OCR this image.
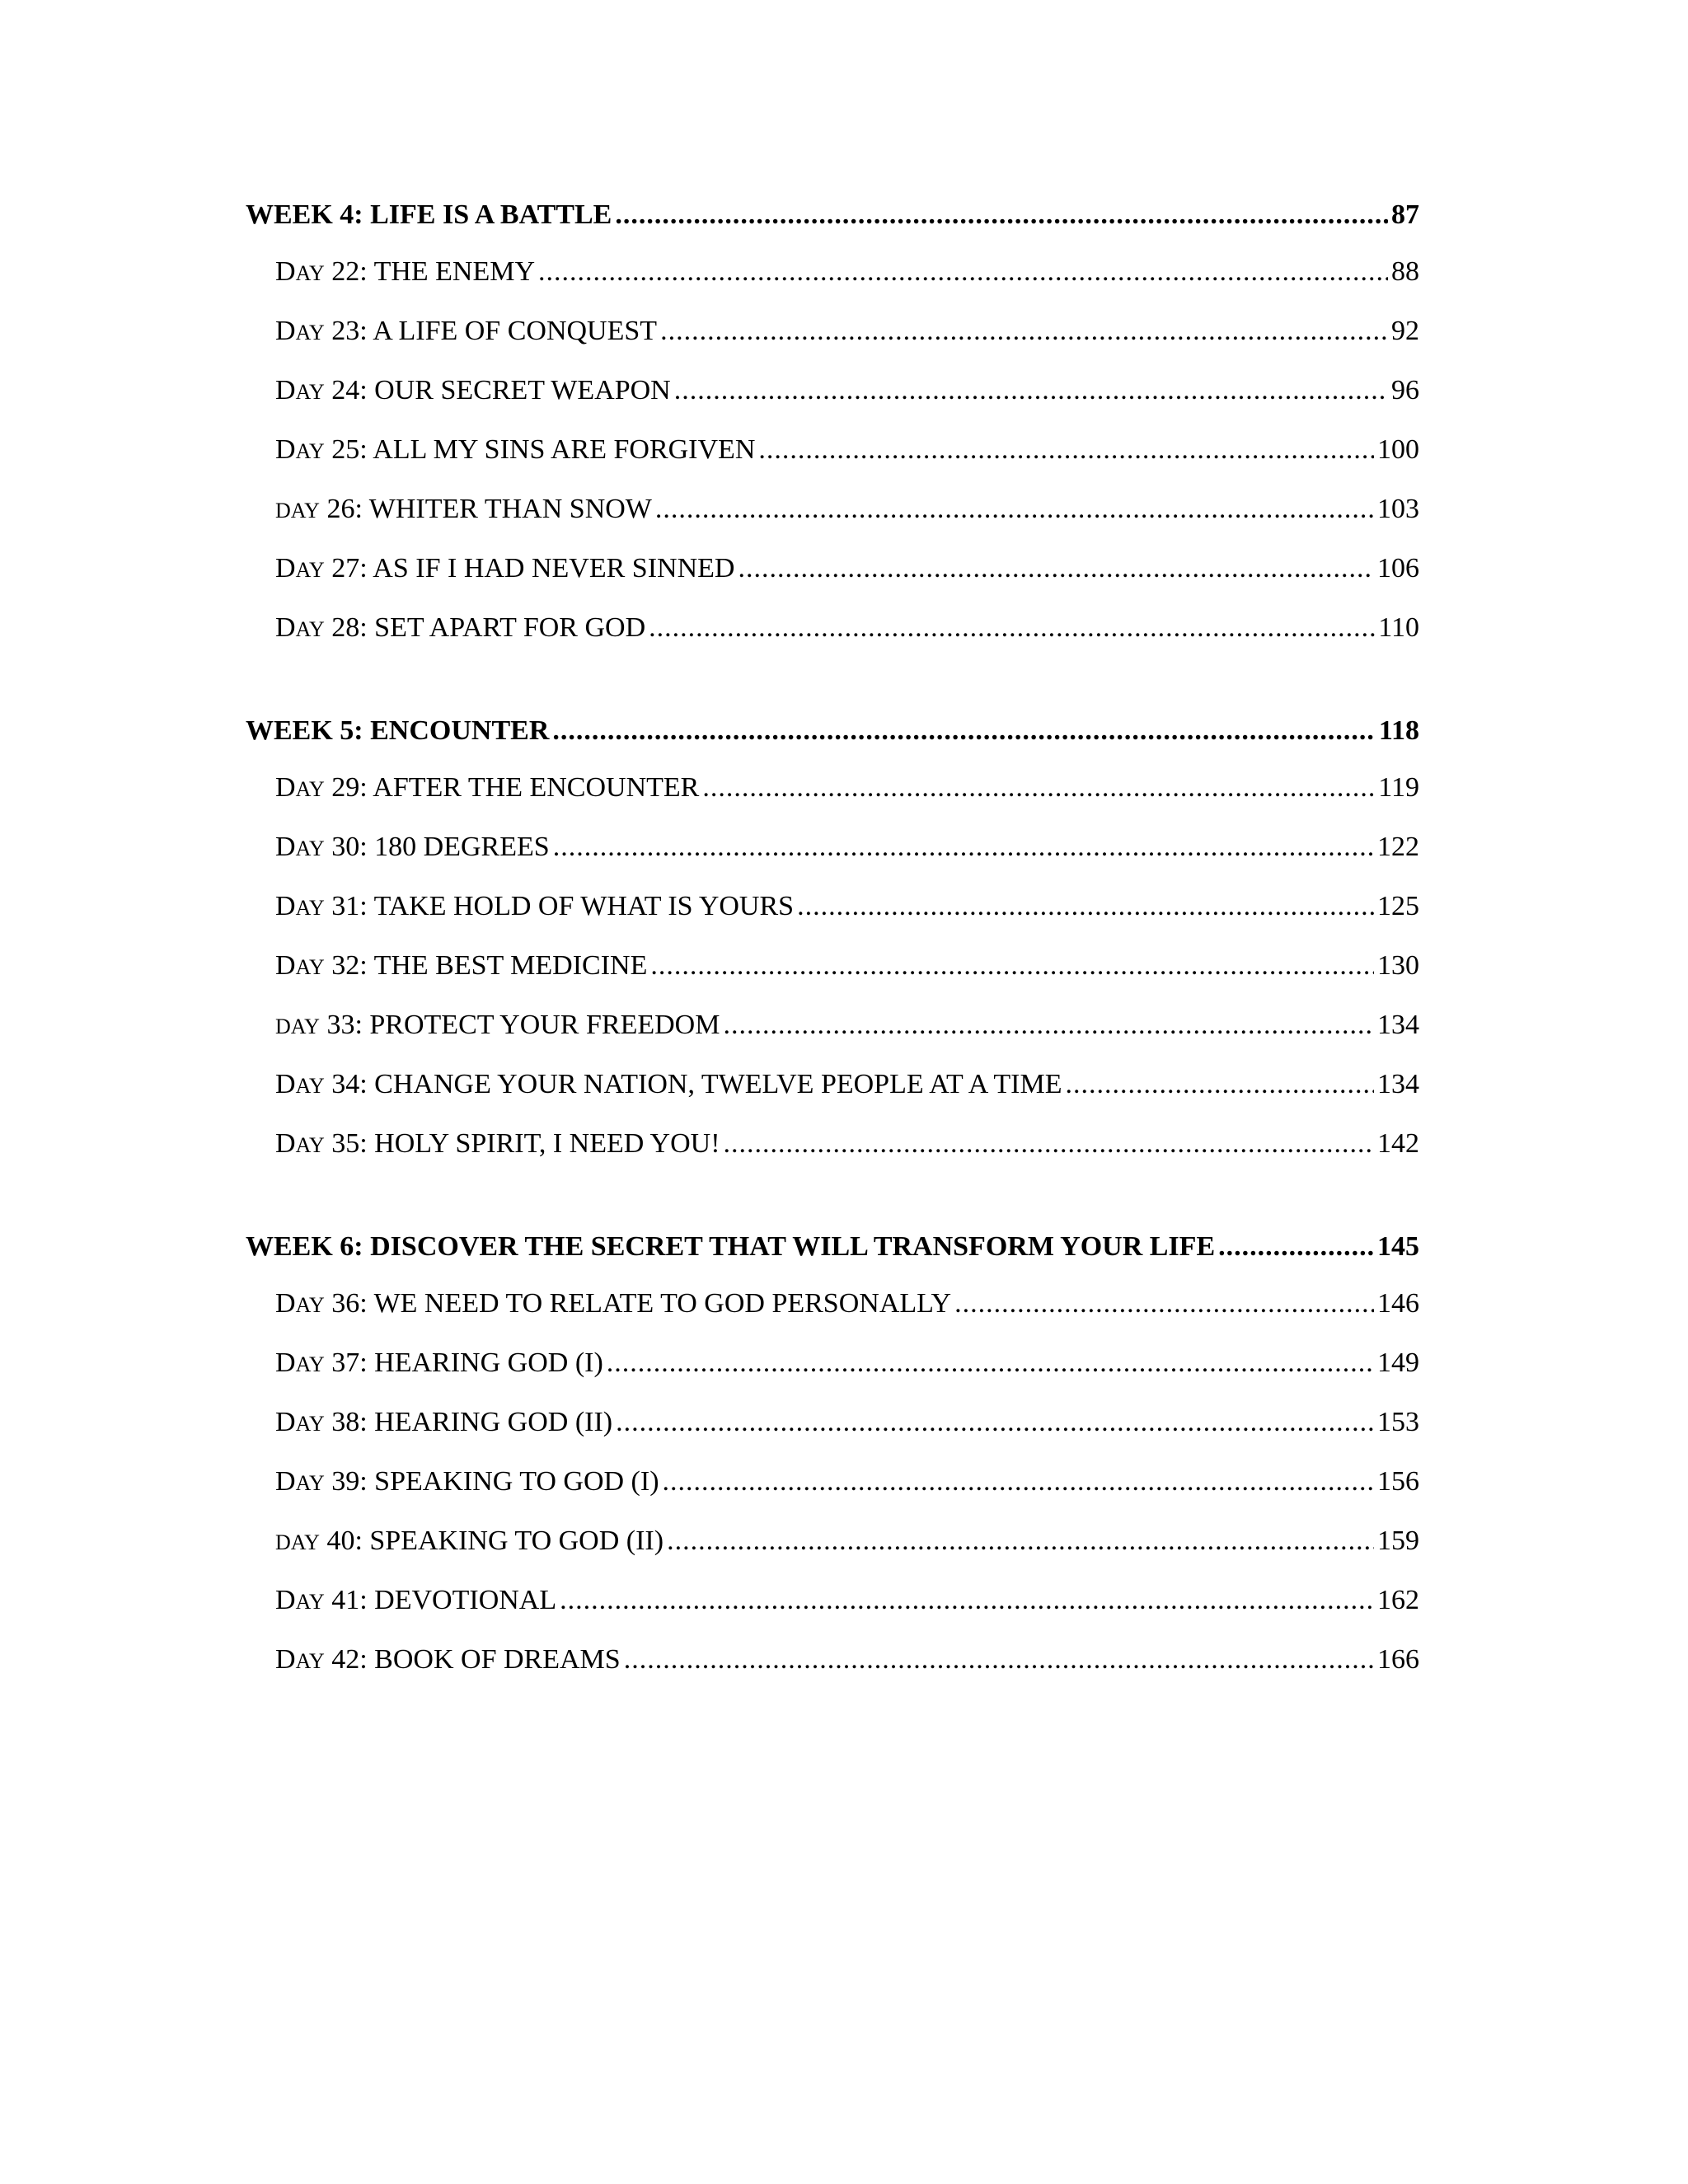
WEEK 4: LIFE IS A BATTLE .....	87
DAY 22: THE ENEMY .....	88
DAY 23: A LIFE OF CONQUEST .....	92
DAY 24: OUR SECRET WEAPON .....	96
DAY 25: ALL MY SINS ARE FORGIVEN .....	100
DAY 26: WHITER THAN SNOW .....	103
DAY 27: AS IF I HAD NEVER SINNED .....	106
DAY 28: SET APART FOR GOD .....	110
WEEK 5: ENCOUNTER .....	118
DAY 29: AFTER THE ENCOUNTER .....	119
DAY 30: 180 DEGREES .....	122
DAY 31: TAKE HOLD OF WHAT IS YOURS .....	125
DAY 32: THE BEST MEDICINE .....	130
DAY 33: PROTECT YOUR FREEDOM .....	134
DAY 34: CHANGE YOUR NATION, TWELVE PEOPLE AT A TIME .....	134
DAY 35: HOLY SPIRIT, I NEED YOU! .....	142
WEEK 6: DISCOVER THE SECRET THAT WILL TRANSFORM YOUR LIFE .....	145
DAY 36: WE NEED TO RELATE TO GOD PERSONALLY .....	146
DAY 37: HEARING GOD (I) .....	149
DAY 38: HEARING GOD (II) .....	153
DAY 39: SPEAKING TO GOD (I) .....	156
DAY 40: SPEAKING TO GOD (II) .....	159
DAY 41: DEVOTIONAL .....	162
DAY 42: BOOK OF DREAMS .....	166
